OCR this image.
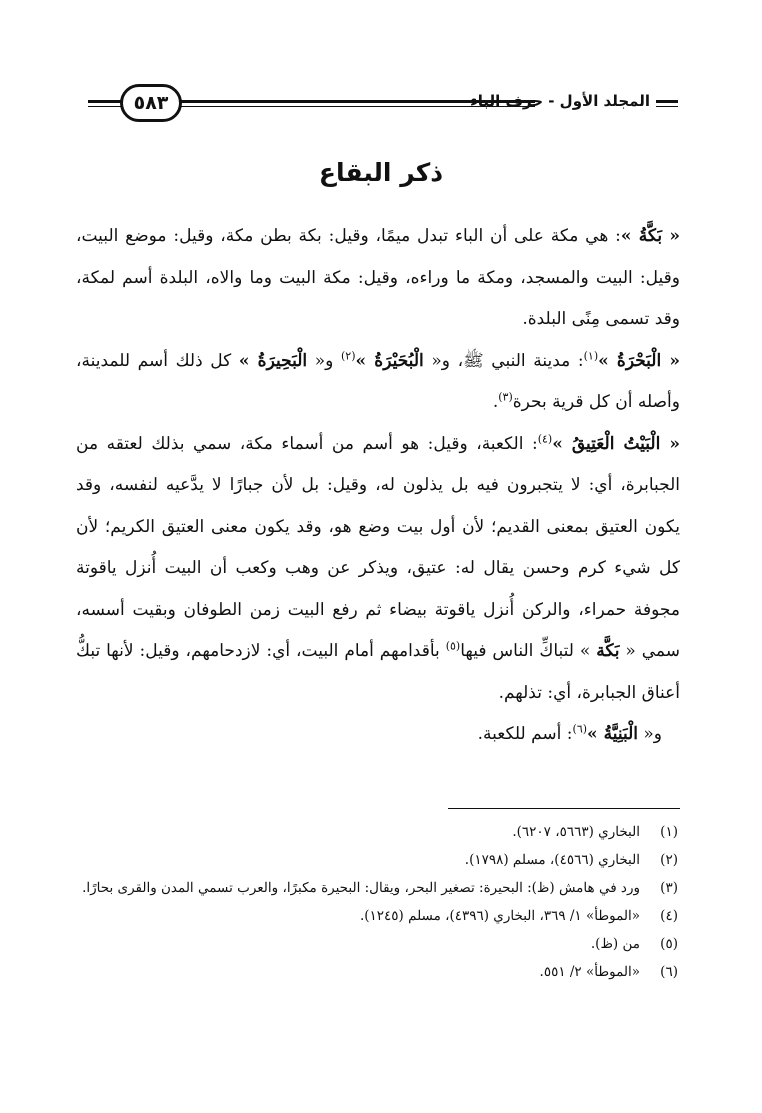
٥٨٣	المجلد الأول - حرف الباء
ذكر البقاع

« بَكَّةُ »: هي مكة على أن الباء تبدل ميمًا، وقيل: بكة بطن مكة، وقيل: موضع البيت، وقيل: البيت والمسجد، ومكة ما وراءه، وقيل: مكة البيت وما والاه، البلدة أسم لمكة، وقد تسمى مِنًى البلدة.

« الْبَحْرَةُ »$^{(١)}$: مدينة النبي ﷺ، و« الْبُحَيْرَةُ »$^{(٢)}$ و« الْبَحِيرَةُ » كل ذلك أسم للمدينة، وأصله أن كل قرية بحرة$^{(٣)}$.

« الْبَيْتُ الْعَتِيقُ »$^{(٤)}$: الكعبة، وقيل: هو أسم من أسماء مكة، سمي بذلك لعتقه من الجبابرة، أي: لا يتجبرون فيه بل يذلون له، وقيل: بل لأن جبارًا لا يدَّعيه لنفسه، وقد يكون العتيق بمعنى القديم؛ لأن أول بيت وضع هو، وقد يكون معنى العتيق الكريم؛ لأن كل شيء كرم وحسن يقال له: عتيق، ويذكر عن وهب وكعب أن البيت أُنزل ياقوتة مجوفة حمراء، والركن أُنزل ياقوتة بيضاء ثم رفع البيت زمن الطوفان وبقيت أسسه، سمي « بَكَّة » لتباكِّ الناس فيها$^{(٥)}$ بأقدامهم أمام البيت، أي: لازدحامهم، وقيل: لأنها تبكُّ أعناق الجبابرة، أي: تذلهم.

و« الْبَنِيَّةُ »$^{(٦)}$: أسم للكعبة.

(١)
البخاري (٥٦٦٣، ٦٢٠٧).
(٢)
البخاري (٤٥٦٦)، مسلم (١٧٩٨).
(٣)
ورد في هامش (ظ): البحيرة: تصغير البحر، ويقال: البحيرة مكبرًا، والعرب تسمي المدن والقرى بحارًا.
(٤)
«الموطأ» ١/ ٣٦٩، البخاري (٤٣٩٦)، مسلم (١٢٤٥).
(٥)
من (ظ).
(٦)
«الموطأ» ٢/ ٥٥١.
